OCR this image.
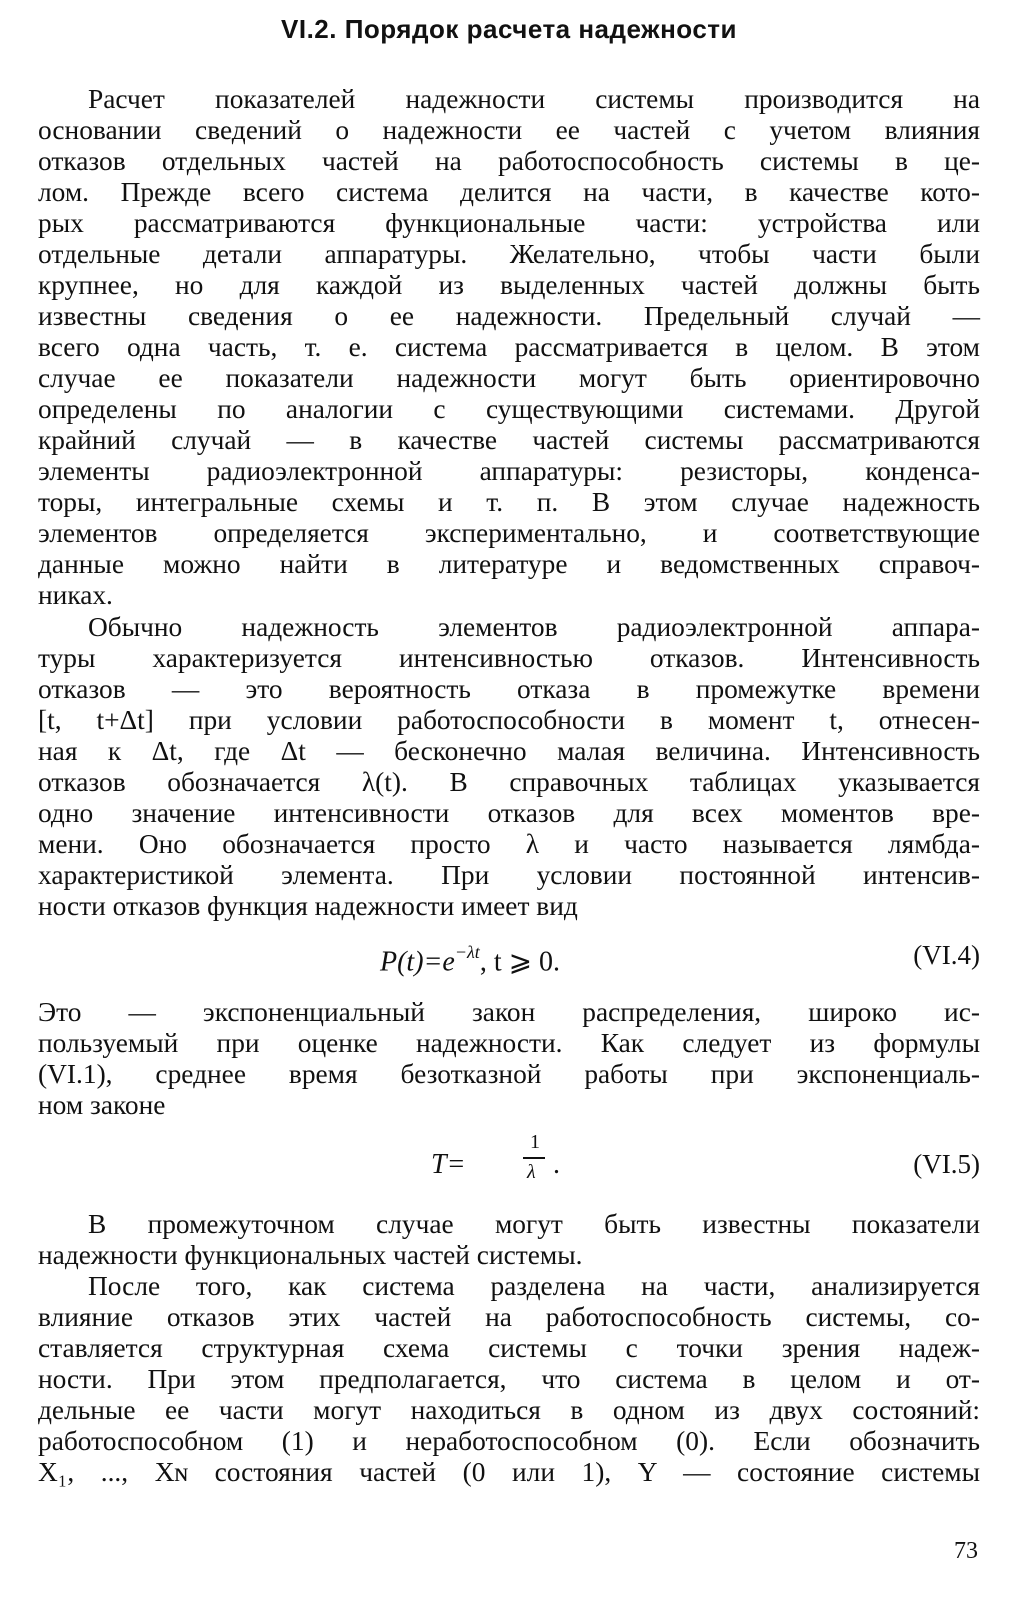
VI.2. Порядок расчета надежности
Расчет показателей надежности системы производится на
основании сведений о надежности ее частей с учетом влияния
отказов отдельных частей на работоспособность системы в це-
лом. Прежде всего система делится на части, в качестве кото-
рых рассматриваются функциональные части: устройства или
отдельные детали аппаратуры. Желательно, чтобы части были
крупнее, но для каждой из выделенных частей должны быть
известны сведения о ее надежности. Предельный случай —
всего одна часть, т. е. система рассматривается в целом. В этом
случае ее показатели надежности могут быть ориентировочно
определены по аналогии с существующими системами. Другой
крайний случай — в качестве частей системы рассматриваются
элементы радиоэлектронной аппаратуры: резисторы, конденса-
торы, интегральные схемы и т. п. В этом случае надежность
элементов определяется экспериментально, и соответствующие
данные можно найти в литературе и ведомственных справоч-
никах.
Обычно надежность элементов радиоэлектронной аппара-
туры характеризуется интенсивностью отказов. Интенсивность
отказов — это вероятность отказа в промежутке времени
[t, t+Δt] при условии работоспособности в момент t, отнесен-
ная к Δt, где Δt — бесконечно малая величина. Интенсивность
отказов обозначается λ(t). В справочных таблицах указывается
одно значение интенсивности отказов для всех моментов вре-
мени. Оно обозначается просто λ и часто называется лямбда-
характеристикой элемента. При условии постоянной интенсив-
ности отказов функция надежности имеет вид
$P(t)=e^{-\lambda t}$, t ⩾ 0.	(VI.4)
Это — экспоненциальный закон распределения, широко ис-
пользуемый при оценке надежности. Как следует из формулы
(VI.1), среднее время безотказной работы при экспоненциаль-
ном законе
T=
1
λ .	(VI.5)
В промежуточном случае могут быть известны показатели
надежности функциональных частей системы.
После того, как система разделена на части, анализируется
влияние отказов этих частей на работоспособность системы, со-
ставляется структурная схема системы с точки зрения надеж-
ности. При этом предполагается, что система в целом и от-
дельные ее части могут находиться в одном из двух состояний:
работоспособном (1) и неработоспособном (0). Если обозначить
X₁, ..., Xɴ состояния частей (0 или 1), Y — состояние системы
73
